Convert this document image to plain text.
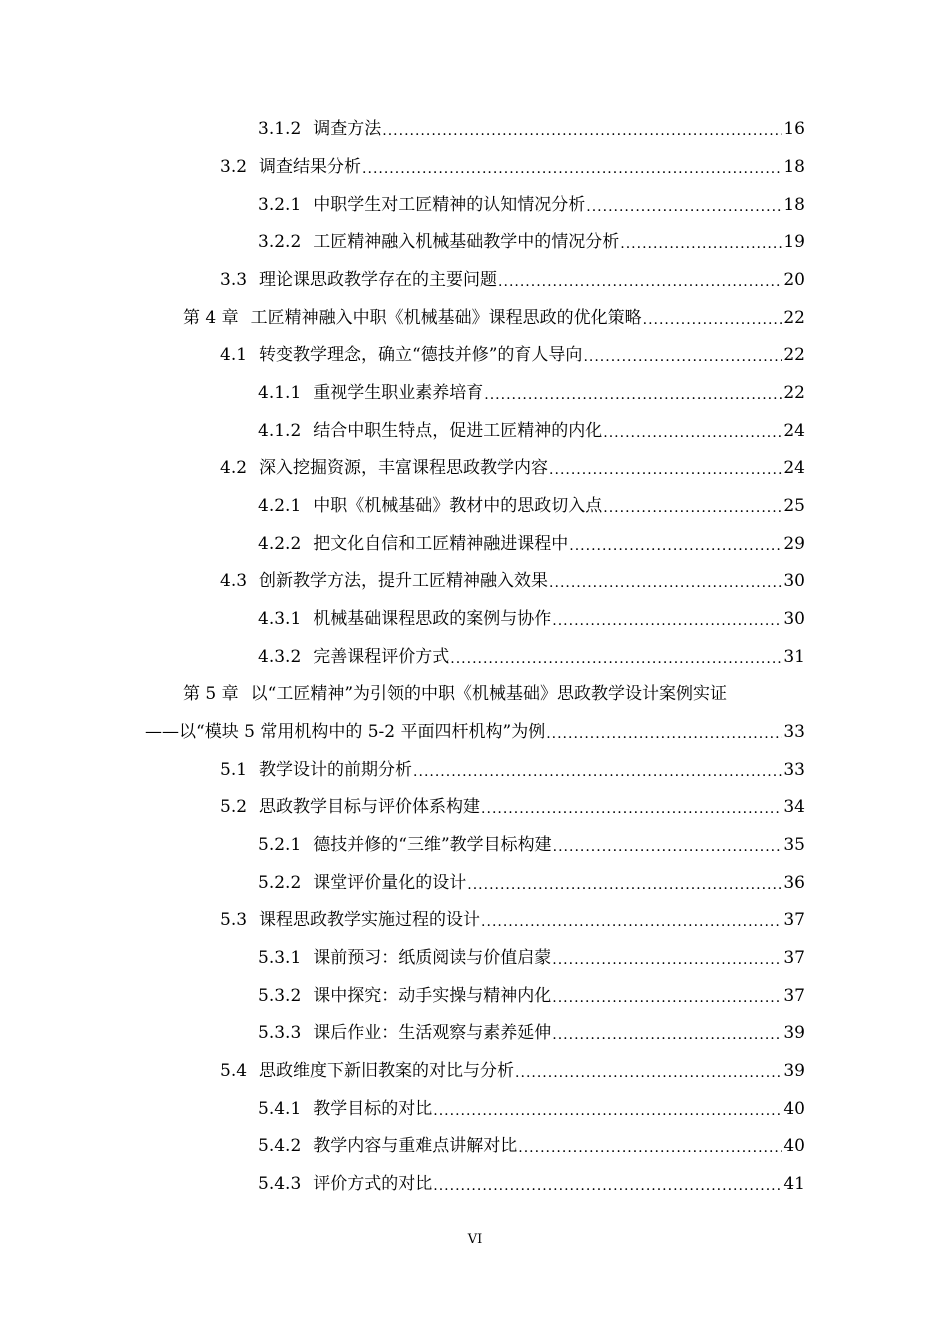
3.1.2 调查方法 .....	16
3.2 调查结果分析 .....	18
3.2.1 中职学生对工匠精神的认知情况分析 .....	18
3.2.2 工匠精神融入机械基础教学中的情况分析 .....	19
3.3 理论课思政教学存在的主要问题 .....	20
第 4 章 工匠精神融入中职《机械基础》课程思政的优化策略 .....	22
4.1 转变教学理念，确立“德技并修”的育人导向 .....	22
4.1.1 重视学生职业素养培育 .....	22
4.1.2 结合中职生特点，促进工匠精神的内化 .....	24
4.2 深入挖掘资源，丰富课程思政教学内容 .....	24
4.2.1 中职《机械基础》教材中的思政切入点 .....	25
4.2.2 把文化自信和工匠精神融进课程中 .....	29
4.3 创新教学方法，提升工匠精神融入效果 .....	30
4.3.1 机械基础课程思政的案例与协作 .....	30
4.3.2 完善课程评价方式 .....	31
第 5 章 以“工匠精神”为引领的中职《机械基础》思政教学设计案例实证
——以“模块 5 常用机构中的 5-2 平面四杆机构”为例 .....	33
5.1 教学设计的前期分析 .....	33
5.2 思政教学目标与评价体系构建 .....	34
5.2.1 德技并修的“三维”教学目标构建 .....	35
5.2.2 课堂评价量化的设计 .....	36
5.3 课程思政教学实施过程的设计 .....	37
5.3.1 课前预习：纸质阅读与价值启蒙 .....	37
5.3.2 课中探究：动手实操与精神内化 .....	37
5.3.3 课后作业：生活观察与素养延伸 .....	39
5.4 思政维度下新旧教案的对比与分析 .....	39
5.4.1 教学目标的对比 .....	40
5.4.2 教学内容与重难点讲解对比 .....	40
5.4.3 评价方式的对比 .....	41
VI
